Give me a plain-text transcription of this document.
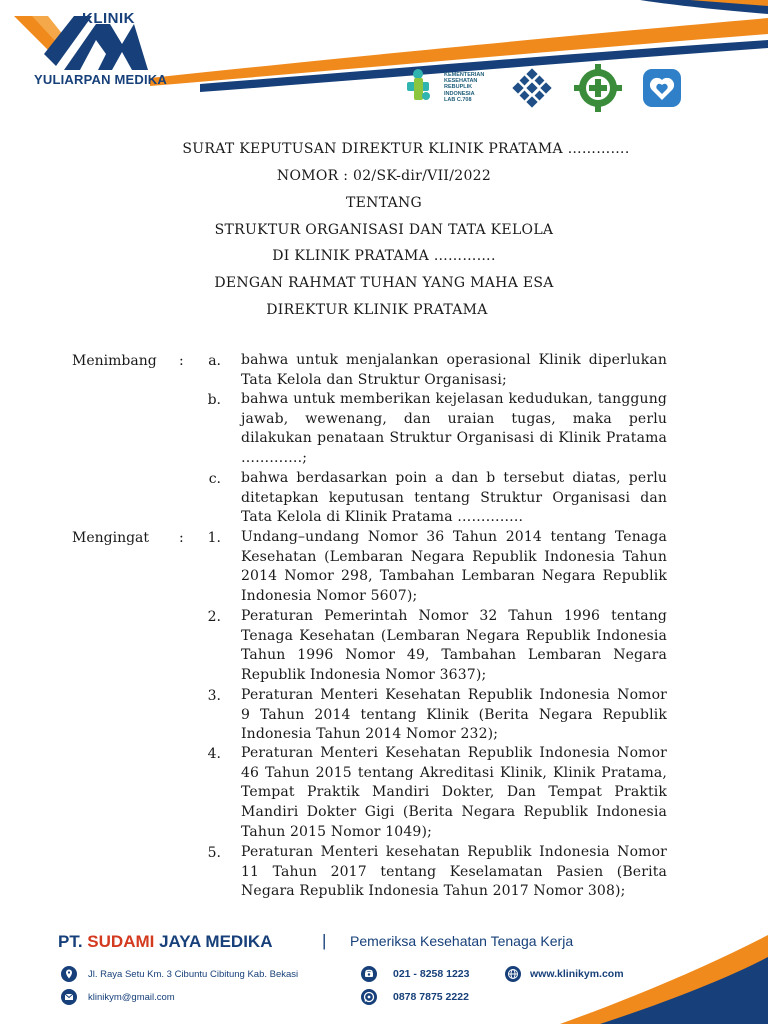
KLINIK
YULIARPAN MEDIKA	KEMENTERIAN
KESEHATAN
REBUPLIK
INDONESIA
LAB C.708
SURAT KEPUTUSAN DIREKTUR KLINIK PRATAMA ………….
NOMOR : 02/SK-dir/VII/2022
TENTANG
STRUKTUR ORGANISASI DAN TATA KELOLA
DI KLINIK PRATAMA ………….
DENGAN RAHMAT TUHAN YANG MAHA ESA
DIREKTUR KLINIK PRATAMA
Menimbang :	a. bahwa untuk menjalankan operasional Klinik diperlukan Tata Kelola dan Struktur Organisasi;
b. bahwa untuk memberikan kejelasan kedudukan, tanggung jawab, wewenang, dan uraian tugas, maka perlu dilakukan penataan Struktur Organisasi di Klinik Pratama ………….;
c. bahwa berdasarkan poin a dan b tersebut diatas, perlu ditetapkan keputusan tentang Struktur Organisasi dan Tata Kelola di Klinik Pratama …………..
Mengingat :	1. Undang–undang Nomor 36 Tahun 2014 tentang Tenaga Kesehatan (Lembaran Negara Republik Indonesia Tahun 2014 Nomor 298, Tambahan Lembaran Negara Republik Indonesia Nomor 5607);
2. Peraturan Pemerintah Nomor 32 Tahun 1996 tentang Tenaga Kesehatan (Lembaran Negara Republik Indonesia Tahun 1996 Nomor 49, Tambahan Lembaran Negara Republik Indonesia Nomor 3637);
3. Peraturan Menteri Kesehatan Republik Indonesia Nomor 9 Tahun 2014 tentang Klinik (Berita Negara Republik Indonesia Tahun 2014 Nomor 232);
4. Peraturan Menteri Kesehatan Republik Indonesia Nomor 46 Tahun 2015 tentang Akreditasi Klinik, Klinik Pratama, Tempat Praktik Mandiri Dokter, Dan Tempat Praktik Mandiri Dokter Gigi (Berita Negara Republik Indonesia Tahun 2015 Nomor 1049);
5. Peraturan Menteri kesehatan Republik Indonesia Nomor 11 Tahun 2017 tentang Keselamatan Pasien (Berita Negara Republik Indonesia Tahun 2017 Nomor 308);
PT. SUDAMI JAYA MEDIKA	| Pemeriksa Kesehatan Tenaga Kerja
Jl. Raya Setu Km. 3 Cibuntu Cibitung Kab. Bekasi
klinikym@gmail.com
021 - 8258 1223
0878 7875 2222
www.klinikym.com
